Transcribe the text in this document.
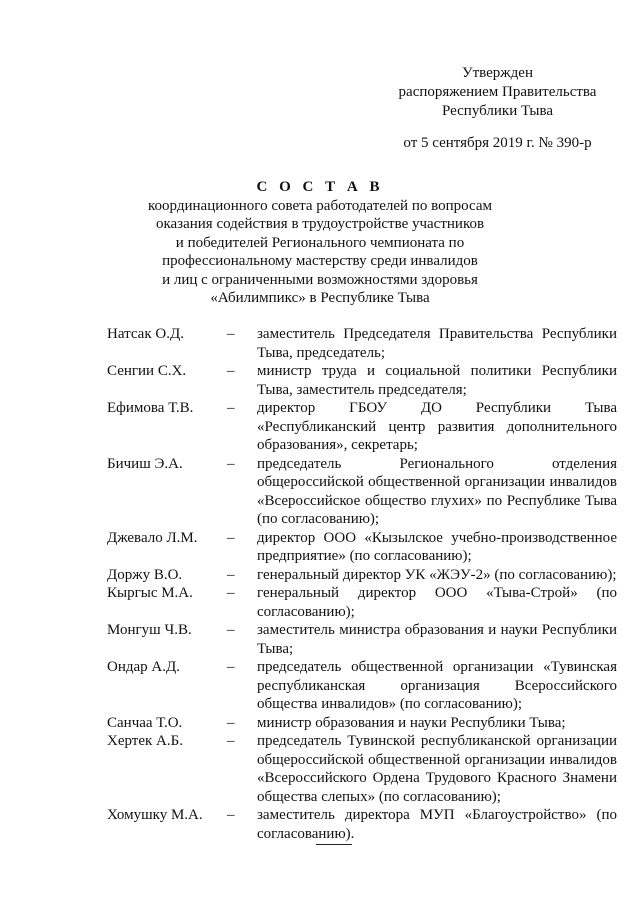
Утвержден
распоряжением Правительства
Республики Тыва
от 5 сентября 2019 г. № 390-р
С О С Т А В
координационного совета работодателей по вопросам
оказания содействия в трудоустройстве участников
и победителей Регионального чемпионата по
профессиональному мастерству среди инвалидов
и лиц с ограниченными возможностями здоровья
«Абилимпикс» в Республике Тыва
Натсак О.Д.	–	заместитель Председателя Правительства Республики Тыва, председатель;
Сенгии С.Х.	–	министр труда и социальной политики Республики Тыва, заместитель председателя;
Ефимова Т.В.	–	директор ГБОУ ДО Республики Тыва «Республиканский центр развития дополнительного образования», секретарь;
Бичиш Э.А.	–	председатель Регионального отделения общероссийской общественной организации инвалидов «Всероссийское общество глухих» по Республике Тыва (по согласованию);
Джевало Л.М.	–	директор ООО «Кызылское учебно-производственное предприятие» (по согласованию);
Доржу В.О.	–	генеральный директор УК «ЖЭУ-2» (по согласованию);
Кыргыс М.А.	–	генеральный директор ООО «Тыва-Строй» (по согласованию);
Монгуш Ч.В.	–	заместитель министра образования и науки Республики Тыва;
Ондар А.Д.	–	председатель общественной организации «Тувинская республиканская организация Всероссийского общества инвалидов» (по согласованию);
Санчаа Т.О.	–	министр образования и науки Республики Тыва;
Хертек А.Б.	–	председатель Тувинской республиканской организации общероссийской общественной организации инвалидов «Всероссийского Ордена Трудового Красного Знамени общества слепых» (по согласованию);
Хомушку М.А.	–	заместитель директора МУП «Благоустройство» (по согласованию).
